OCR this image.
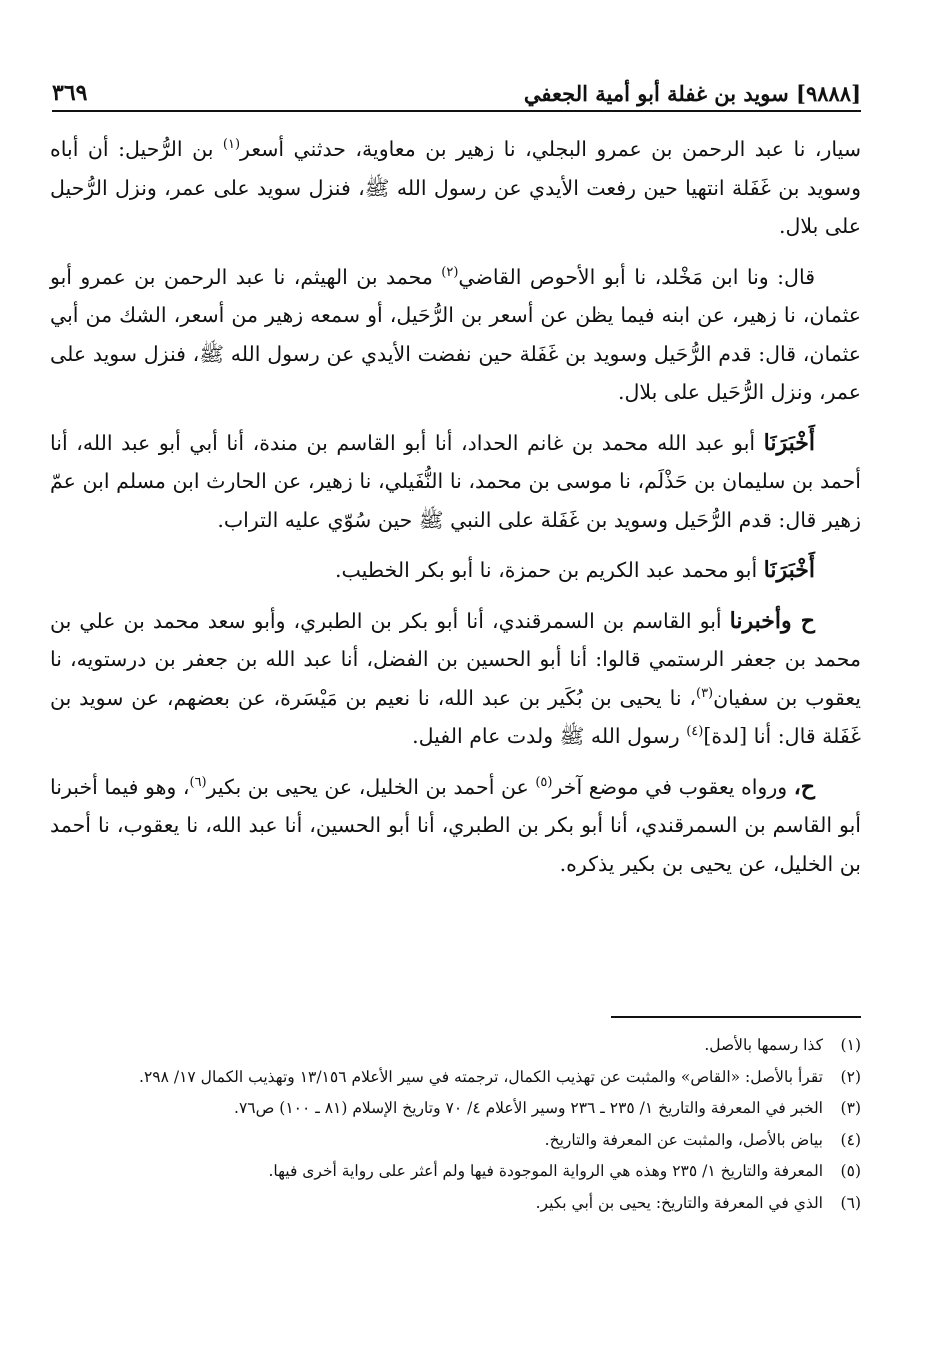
[٩٨٨٨] سويد بن غفلة أبو أمية الجعفي
٣٦٩

سيار، نا عبد الرحمن بن عمرو البجلي، نا زهير بن معاوية، حدثني أسعر$^{(١)}$ بن الرُّحيل: أن أباه وسويد بن غَفَلة انتهيا حين رفعت الأيدي عن رسول الله ﷺ، فنزل سويد على عمر، ونزل الرُّحيل على بلال.

قال: ونا ابن مَخْلد، نا أبو الأحوص القاضي$^{(٢)}$ محمد بن الهيثم، نا عبد الرحمن بن عمرو أبو عثمان، نا زهير، عن ابنه فيما يظن عن أسعر بن الرُّحَيل، أو سمعه زهير من أسعر، الشك من أبي عثمان، قال: قدم الرُّحَيل وسويد بن غَفَلة حين نفضت الأيدي عن رسول الله ﷺ، فنزل سويد على عمر، ونزل الرُّحَيل على بلال.

أَخْبَرَنَا أبو عبد الله محمد بن غانم الحداد، أنا أبو القاسم بن مندة، أنا أبي أبو عبد الله، أنا أحمد بن سليمان بن حَذْلَم، نا موسى بن محمد، نا النُّفَيلي، نا زهير، عن الحارث ابن مسلم ابن عمّ زهير قال: قدم الرُّحَيل وسويد بن غَفَلة على النبي ﷺ حين سُوّي عليه التراب.

أَخْبَرَنَا أبو محمد عبد الكريم بن حمزة، نا أبو بكر الخطيب.

ح وأخبرنا أبو القاسم بن السمرقندي، أنا أبو بكر بن الطبري، وأبو سعد محمد بن علي بن محمد بن جعفر الرستمي قالوا: أنا أبو الحسين بن الفضل، أنا عبد الله بن جعفر بن درستويه، نا يعقوب بن سفيان$^{(٣)}$، نا يحيى بن بُكَير بن عبد الله، نا نعيم بن مَيْسَرة، عن بعضهم، عن سويد بن غَفَلة قال: أنا [لدة]$^{(٤)}$ رسول الله ﷺ ولدت عام الفيل.

ح، ورواه يعقوب في موضع آخر$^{(٥)}$ عن أحمد بن الخليل، عن يحيى بن بكير$^{(٦)}$، وهو فيما أخبرنا أبو القاسم بن السمرقندي، أنا أبو بكر بن الطبري، أنا أبو الحسين، أنا عبد الله، نا يعقوب، نا أحمد بن الخليل، عن يحيى بن بكير يذكره.

(١)
كذا رسمها بالأصل.
(٢)
تقرأ بالأصل: «القاص» والمثبت عن تهذيب الكمال، ترجمته في سير الأعلام ١٣/١٥٦ وتهذيب الكمال ١٧/ ٢٩٨.
(٣)
الخبر في المعرفة والتاريخ ١/ ٢٣٥ ـ ٢٣٦ وسير الأعلام ٤/ ٧٠ وتاريخ الإسلام (٨١ ـ ١٠٠) ص٧٦.
(٤)
بياض بالأصل، والمثبت عن المعرفة والتاريخ.
(٥)
المعرفة والتاريخ ١/ ٢٣٥ وهذه هي الرواية الموجودة فيها ولم أعثر على رواية أخرى فيها.
(٦)
الذي في المعرفة والتاريخ: يحيى بن أبي بكير.
